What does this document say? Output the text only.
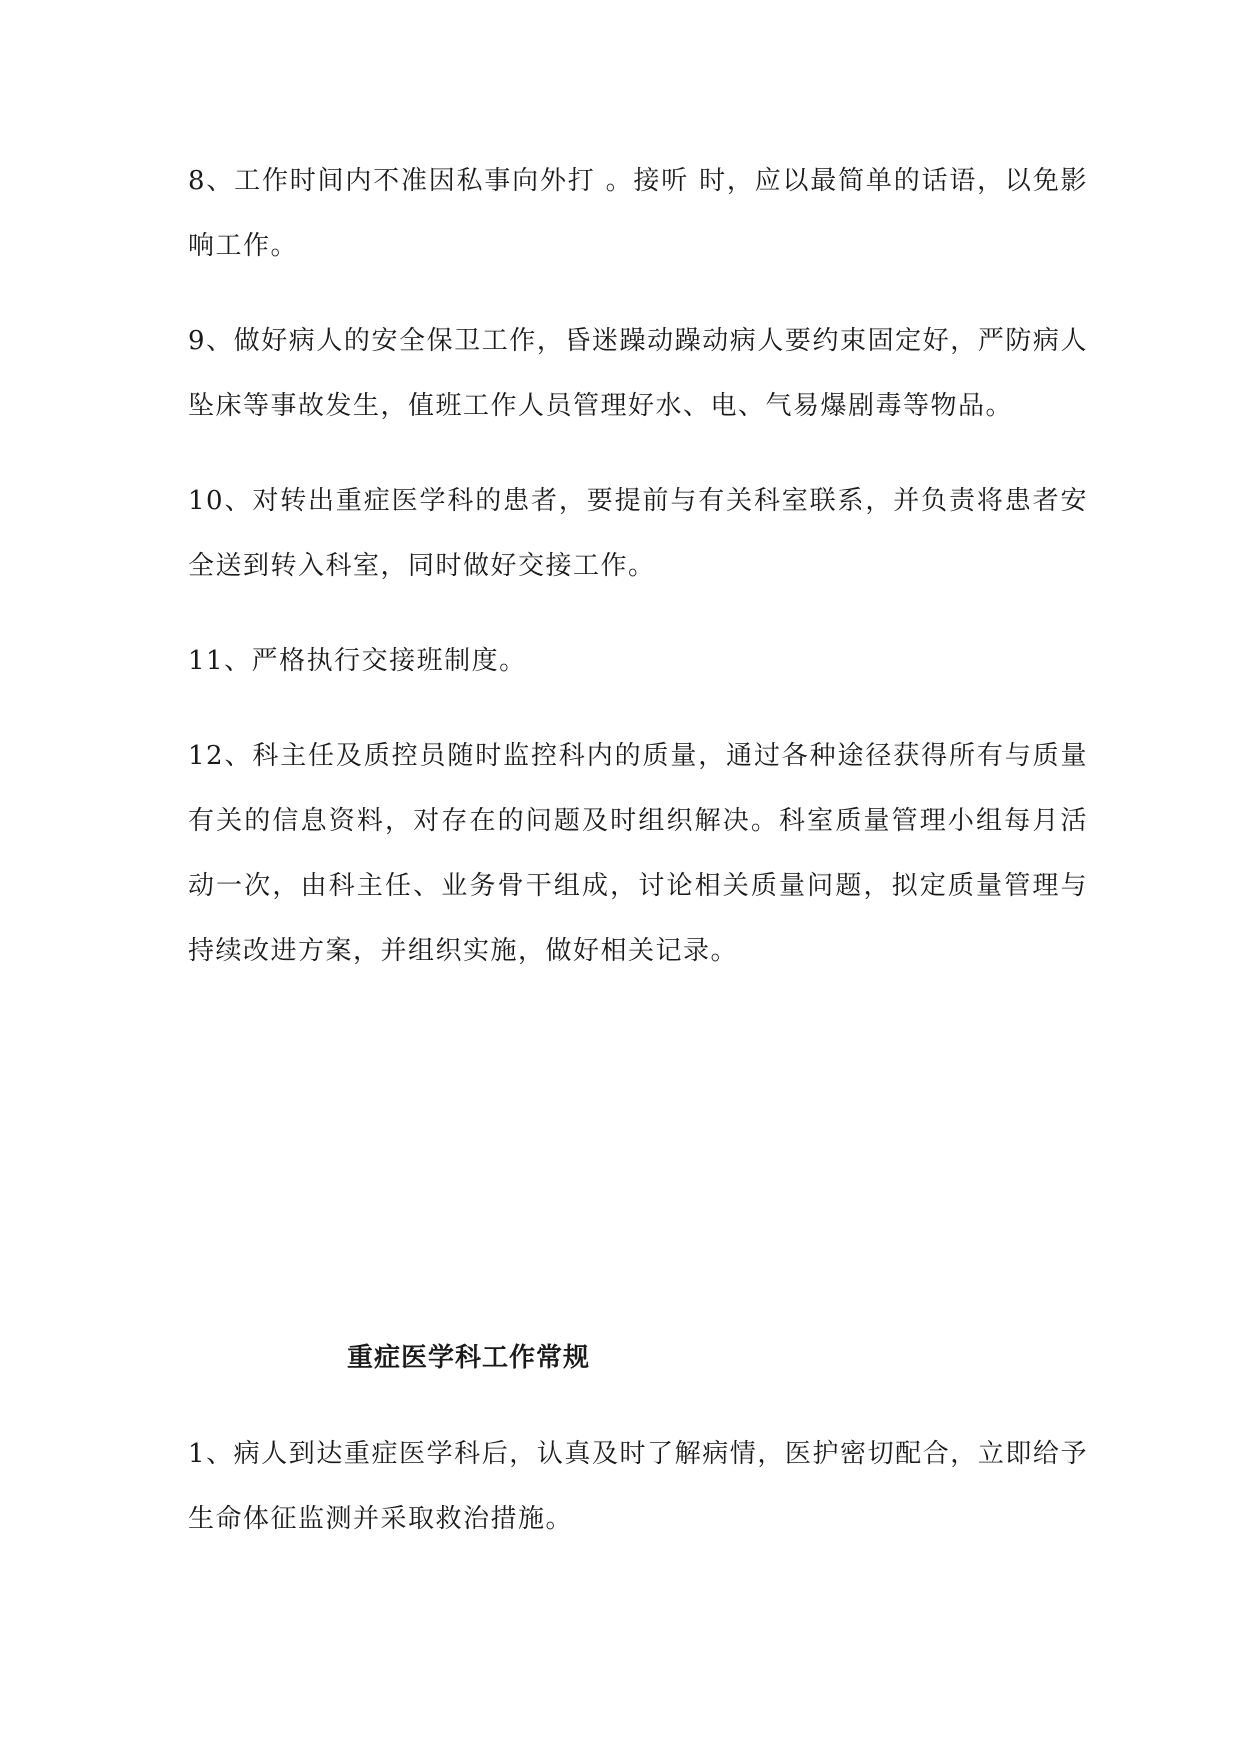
8、工作时间内不准因私事向外打 。接听 时，应以最简单的话语，以免影响工作。

9、做好病人的安全保卫工作，昏迷躁动躁动病人要约束固定好，严防病人坠床等事故发生，值班工作人员管理好水、电、气易爆剧毒等物品。

10、对转出重症医学科的患者，要提前与有关科室联系，并负责将患者安全送到转入科室，同时做好交接工作。

11、严格执行交接班制度。

12、科主任及质控员随时监控科内的质量，通过各种途径获得所有与质量有关的信息资料，对存在的问题及时组织解决。科室质量管理小组每月活动一次，由科主任、业务骨干组成，讨论相关质量问题，拟定质量管理与持续改进方案，并组织实施，做好相关记录。

重症医学科工作常规

1、病人到达重症医学科后，认真及时了解病情，医护密切配合，立即给予生命体征监测并采取救治措施。
